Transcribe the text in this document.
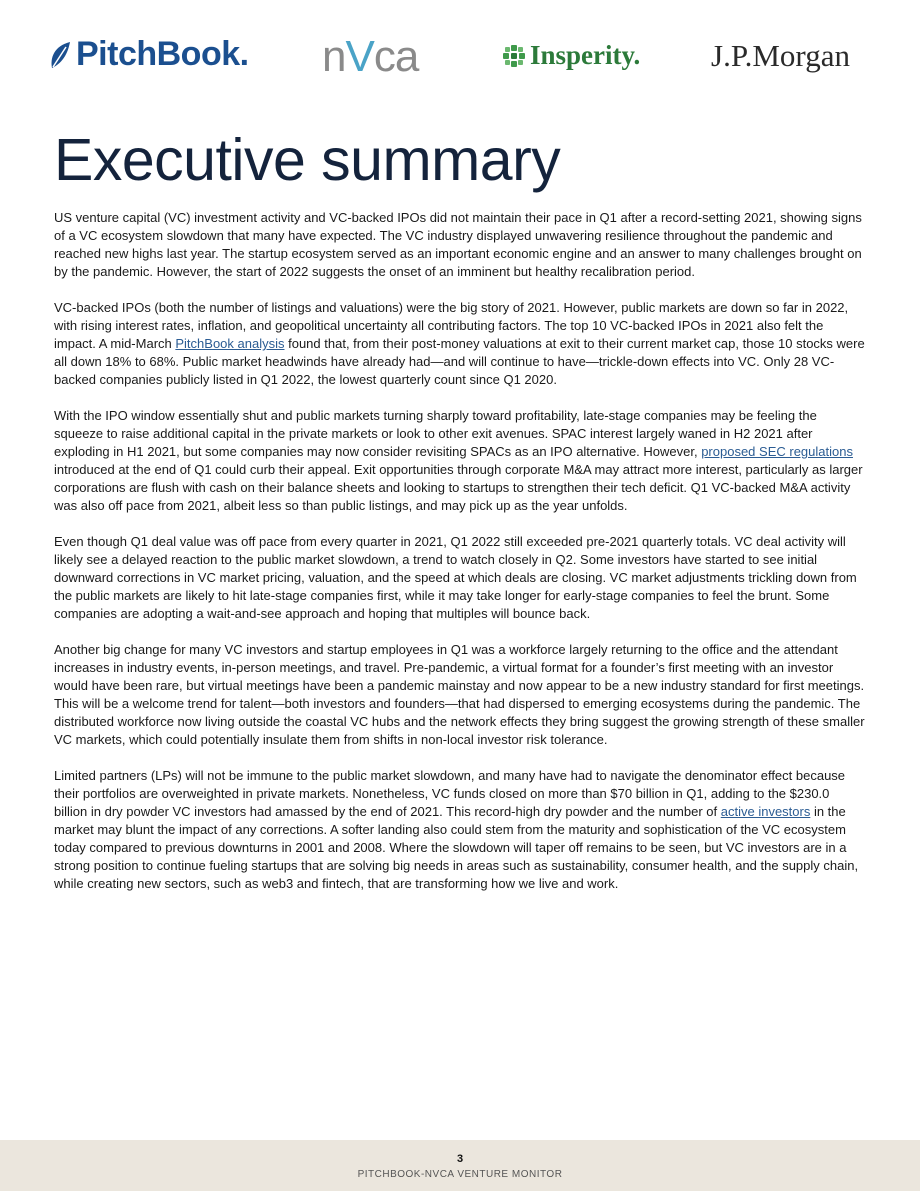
PitchBook. n V ca	Insperity. J.P.Morgan
Executive summary

US venture capital (VC) investment activity and VC-backed IPOs did not maintain their pace in Q1 after a record-setting 2021, showing signs of a VC ecosystem slowdown that many have expected. The VC industry displayed unwavering resilience throughout the pandemic and reached new highs last year. The startup ecosystem served as an important economic engine and an answer to many challenges brought on by the pandemic. However, the start of 2022 suggests the onset of an imminent but healthy recalibration period.

VC-backed IPOs (both the number of listings and valuations) were the big story of 2021. However, public markets are down so far in 2022, with rising interest rates, inflation, and geopolitical uncertainty all contributing factors. The top 10 VC-backed IPOs in 2021 also felt the impact. A mid-March PitchBook analysis found that, from their post-money valuations at exit to their current market cap, those 10 stocks were all down 18% to 68%. Public market headwinds have already had—and will continue to have—trickle-down effects into VC. Only 28 VC-backed companies publicly listed in Q1 2022, the lowest quarterly count since Q1 2020.

With the IPO window essentially shut and public markets turning sharply toward profitability, late-stage companies may be feeling the squeeze to raise additional capital in the private markets or look to other exit avenues. SPAC interest largely waned in H2 2021 after exploding in H1 2021, but some companies may now consider revisiting SPACs as an IPO alternative. However, proposed SEC regulations introduced at the end of Q1 could curb their appeal. Exit opportunities through corporate M&A may attract more interest, particularly as larger corporations are flush with cash on their balance sheets and looking to startups to strengthen their tech deficit. Q1 VC-backed M&A activity was also off pace from 2021, albeit less so than public listings, and may pick up as the year unfolds.

Even though Q1 deal value was off pace from every quarter in 2021, Q1 2022 still exceeded pre-2021 quarterly totals. VC deal activity will likely see a delayed reaction to the public market slowdown, a trend to watch closely in Q2. Some investors have started to see initial downward corrections in VC market pricing, valuation, and the speed at which deals are closing. VC market adjustments trickling down from the public markets are likely to hit late-stage companies first, while it may take longer for early-stage companies to feel the brunt. Some companies are adopting a wait-and-see approach and hoping that multiples will bounce back.

Another big change for many VC investors and startup employees in Q1 was a workforce largely returning to the office and the attendant increases in industry events, in-person meetings, and travel. Pre-pandemic, a virtual format for a founder’s first meeting with an investor would have been rare, but virtual meetings have been a pandemic mainstay and now appear to be a new industry standard for first meetings. This will be a welcome trend for talent—both investors and founders—that had dispersed to emerging ecosystems during the pandemic. The distributed workforce now living outside the coastal VC hubs and the network effects they bring suggest the growing strength of these smaller VC markets, which could potentially insulate them from shifts in non-local investor risk tolerance.

Limited partners (LPs) will not be immune to the public market slowdown, and many have had to navigate the denominator effect because their portfolios are overweighted in private markets. Nonetheless, VC funds closed on more than $70 billion in Q1, adding to the $230.0 billion in dry powder VC investors had amassed by the end of 2021. This record-high dry powder and the number of active investors in the market may blunt the impact of any corrections. A softer landing also could stem from the maturity and sophistication of the VC ecosystem today compared to previous downturns in 2001 and 2008. Where the slowdown will taper off remains to be seen, but VC investors are in a strong position to continue fueling startups that are solving big needs in areas such as sustainability, consumer health, and the supply chain, while creating new sectors, such as web3 and fintech, that are transforming how we live and work.

3
PITCHBOOK-NVCA VENTURE MONITOR
